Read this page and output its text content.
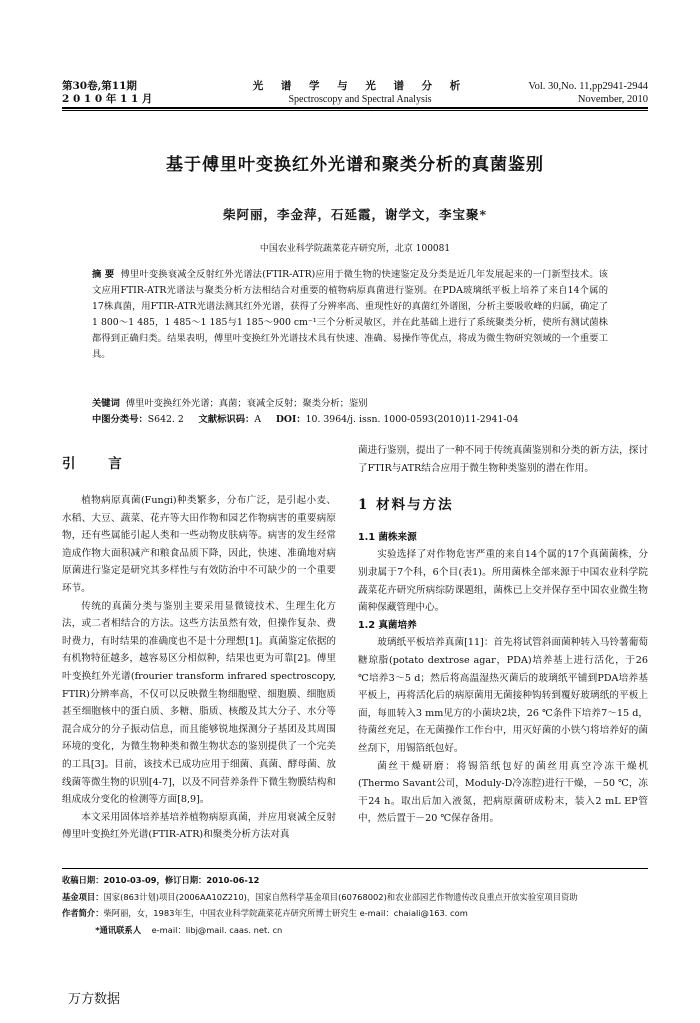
第30卷,第11期
2 0 1 0 年 1 1 月
光 谱 学 与 光 谱 分 析
Spectroscopy and Spectral Analysis
Vol. 30,No. 11,pp2941-2944
November, 2010
基于傅里叶变换红外光谱和聚类分析的真菌鉴别
柴阿丽，李金萍，石延霞，谢学文，李宝聚*
中国农业科学院蔬菜花卉研究所，北京 100081
摘 要 傅里叶变换衰减全反射红外光谱法(FTIR-ATR)应用于微生物的快速鉴定及分类是近几年发展起来的一门新型技术。该文应用FTIR-ATR光谱法与聚类分析方法相结合对重要的植物病原真菌进行鉴别。在PDA玻璃纸平板上培养了来自14个属的17株真菌，用FTIR-ATR光谱法测其红外光谱，获得了分辨率高、重现性好的真菌红外谱图，分析主要吸收峰的归属，确定了1 800～1 485，1 485～1 185与1 185～900 cm⁻¹三个分析灵敏区，并在此基础上进行了系统聚类分析，使所有测试菌株都得到正确归类。结果表明，傅里叶变换红外光谱技术具有快速、准确、易操作等优点，将成为微生物研究领域的一个重要工具。
关键词 傅里叶变换红外光谱；真菌；衰减全反射；聚类分析；鉴别
中图分类号：S642. 2 文献标识码：A DOI：10. 3964/j. issn. 1000-0593(2010)11-2941-04
引 言

植物病原真菌(Fungi)种类繁多，分布广泛，是引起小麦、水稻、大豆、蔬菜、花卉等大田作物和园艺作物病害的重要病原物，还有些属能引起人类和一些动物皮肤病等。病害的发生经常造成作物大面积减产和粮食品质下降，因此，快速、准确地对病原菌进行鉴定是研究其多样性与有效防治中不可缺少的一个重要环节。

传统的真菌分类与鉴别主要采用显微镜技术、生理生化方法，或二者相结合的方法。这些方法虽然有效，但操作复杂、费时费力，有时结果的准确度也不是十分理想[1]。真菌鉴定依据的有机物特征越多，越容易区分相似种，结果也更为可靠[2]。傅里叶变换红外光谱(frourier transform infrared spectroscopy, FTIR)分辨率高，不仅可以反映微生物细胞壁、细胞膜、细胞质甚至细胞核中的蛋白质、多糖、脂质、核酸及其大分子、水分等混合成分的分子振动信息，而且能够锐地探测分子基团及其周围环境的变化，为微生物种类和微生物状态的鉴别提供了一个完美的工具[3]。目前，该技术已成功应用于细菌、真菌、酵母菌、放线菌等微生物的识别[4-7]，以及不同营养条件下微生物膜结构和组成成分变化的检测等方面[8,9]。

本文采用固体培养基培养植物病原真菌，并应用衰减全反射傅里叶变换红外光谱(FTIR-ATR)和聚类分析方法对真

菌进行鉴别，提出了一种不同于传统真菌鉴别和分类的新方法，探讨了FTIR与ATR结合应用于微生物种类鉴别的潜在作用。

1 材料与方法
1.1 菌株来源

实验选择了对作物危害严重的来自14个属的17个真菌菌株，分别隶属于7个科，6个目(表1)。所用菌株全部来源于中国农业科学院蔬菜花卉研究所病综防课题组，菌株已上交并保存至中国农业微生物菌种保藏管理中心。

1.2 真菌培养

玻璃纸平板培养真菌[11]：首先将试管斜面菌种转入马铃薯葡萄糖琼脂(potato dextrose agar，PDA)培养基上进行活化，于26 ℃培养3～5 d；然后将高温湿热灭菌后的玻璃纸平铺到PDA培养基平板上，再将活化后的病原菌用无菌接种钩转到覆好玻璃纸的平板上面，每皿转入3 mm见方的小菌块2块，26 ℃条件下培养7～15 d，待菌丝充足，在无菌操作工作台中，用灭好菌的小铁勺将培养好的菌丝刮下，用锡箔纸包好。

菌丝干燥研磨：将锡箔纸包好的菌丝用真空冷冻干燥机(Thermo Savant公司，Moduly-D冷冻腔)进行干燥，－50 ℃，冻干24 h。取出后加入液氮，把病原菌研成粉末，装入2 mL EP管中，然后置于－20 ℃保存备用。

收稿日期：2010-03-09，修订日期：2010-06-12
基金项目：国家(863计划)项目(2006AA10Z210)，国家自然科学基金项目(60768002)和农业部园艺作物遗传改良重点开放实验室项目资助
作者简介：柴阿丽，女，1983年生，中国农业科学院蔬菜花卉研究所博士研究生 e-mail：chaiali@163. com
*通讯联系人 e-mail：libj@mail. caas. net. cn
万方数据
